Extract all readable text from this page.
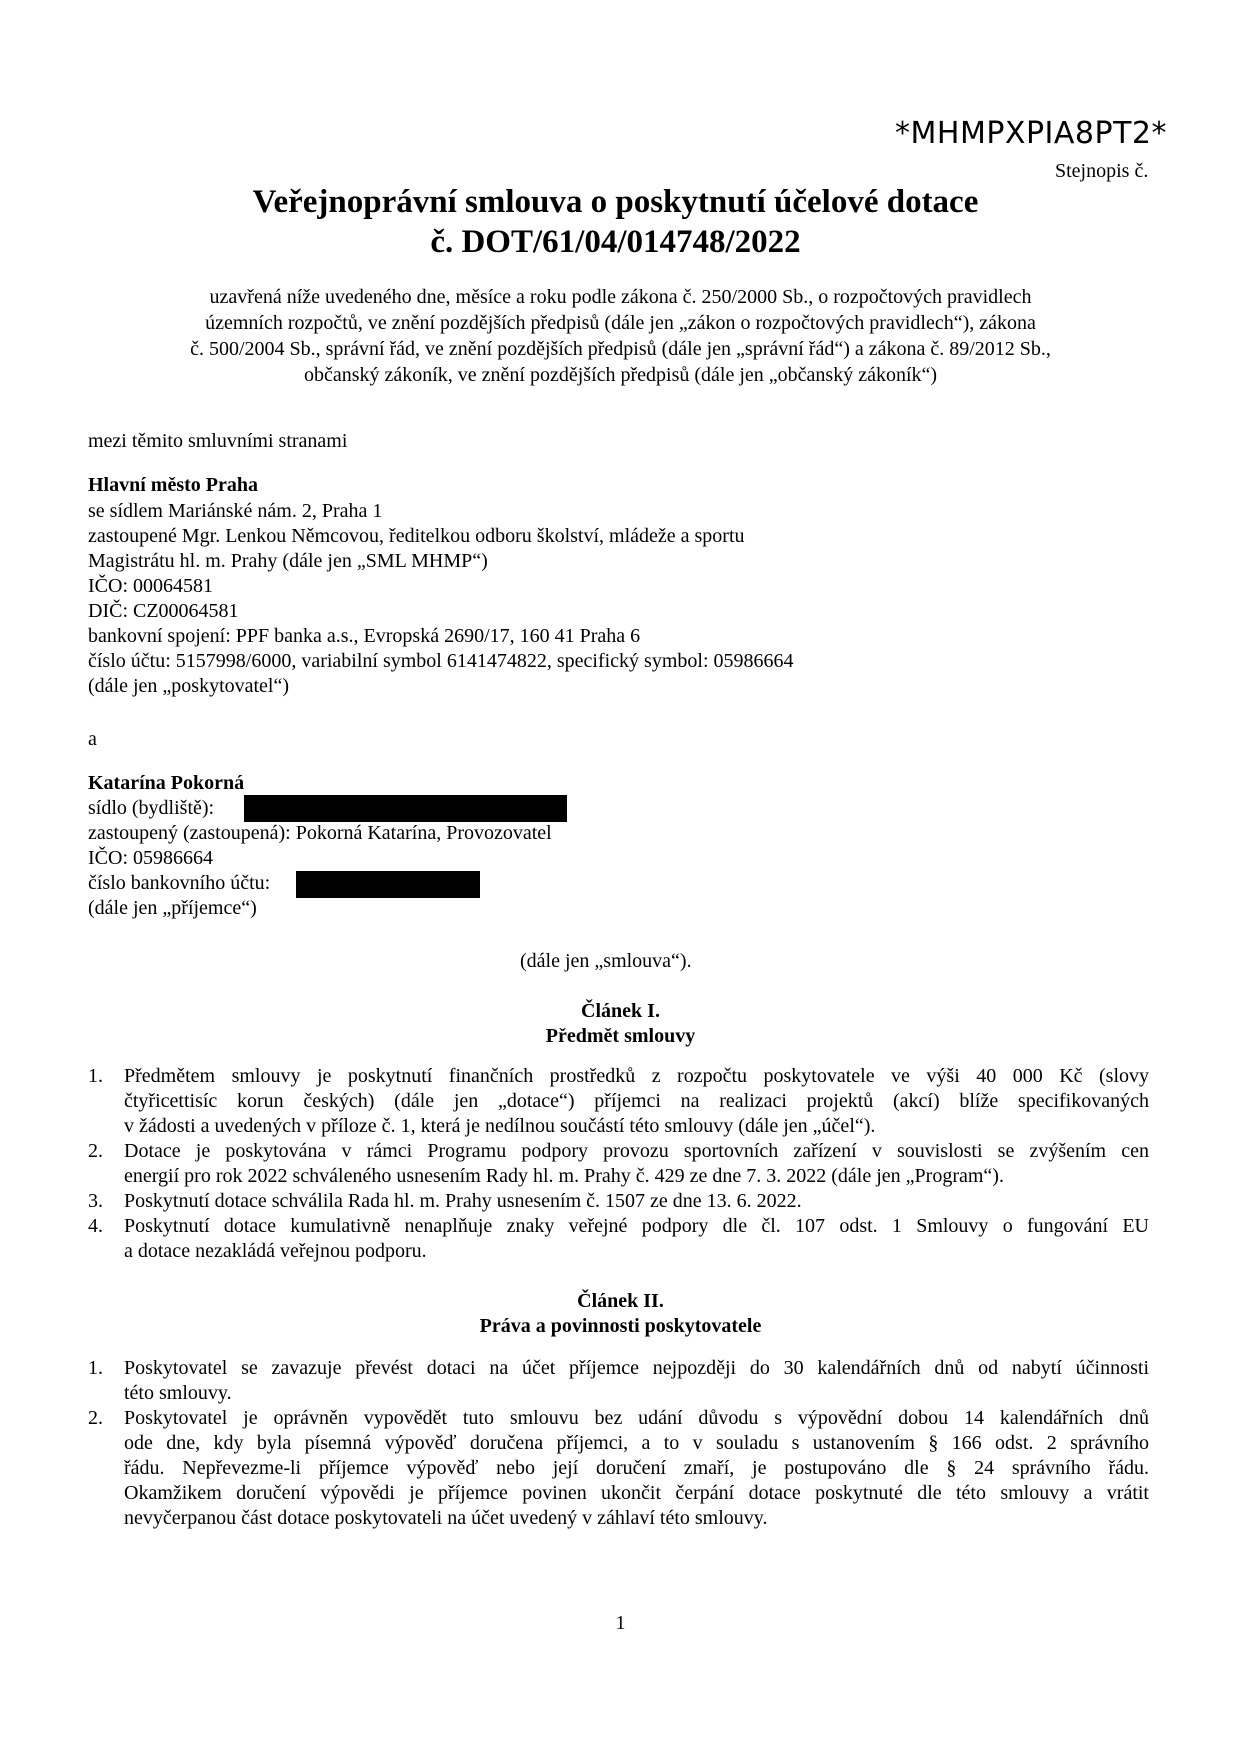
*MHMPXPIA8PT2*
Stejnopis č.
Veřejnoprávní smlouva o poskytnutí účelové dotace
č. DOT/61/04/014748/2022
uzavřená níže uvedeného dne, měsíce a roku podle zákona č. 250/2000 Sb., o rozpočtových pravidlech
územních rozpočtů, ve znění pozdějších předpisů (dále jen „zákon o rozpočtových pravidlech“), zákona
č. 500/2004 Sb., správní řád, ve znění pozdějších předpisů (dále jen „správní řád“) a zákona č. 89/2012 Sb.,
občanský zákoník, ve znění pozdějších předpisů (dále jen „občanský zákoník“)
mezi těmito smluvními stranami
Hlavní město Praha
se sídlem Mariánské nám. 2, Praha 1
zastoupené Mgr. Lenkou Němcovou, ředitelkou odboru školství, mládeže a sportu
Magistrátu hl. m. Prahy (dále jen „SML MHMP“)
IČO: 00064581
DIČ: CZ00064581
bankovní spojení: PPF banka a.s., Evropská 2690/17, 160 41 Praha 6
číslo účtu: 5157998/6000, variabilní symbol 6141474822, specifický symbol: 05986664
(dále jen „poskytovatel“)
a
Katarína Pokorná
sídlo (bydliště):
zastoupený (zastoupená): Pokorná Katarína, Provozovatel
IČO: 05986664
číslo bankovního účtu:
(dále jen „příjemce“)
(dále jen „smlouva“).
Článek I.
Předmět smlouvy
1. Předmětem smlouvy je poskytnutí finančních prostředků z rozpočtu poskytovatele ve výši 40 000 Kč (slovy
čtyřicettisíc korun českých) (dále jen „dotace“) příjemci na realizaci projektů (akcí) blíže specifikovaných
v žádosti a uvedených v příloze č. 1, která je nedílnou součástí této smlouvy (dále jen „účel“).
2. Dotace je poskytována v rámci Programu podpory provozu sportovních zařízení v souvislosti se zvýšením cen
energií pro rok 2022 schváleného usnesením Rady hl. m. Prahy č. 429 ze dne 7. 3. 2022 (dále jen „Program“).
3. Poskytnutí dotace schválila Rada hl. m. Prahy usnesením č. 1507 ze dne 13. 6. 2022.
4. Poskytnutí dotace kumulativně nenaplňuje znaky veřejné podpory dle čl. 107 odst. 1 Smlouvy o fungování EU
a dotace nezakládá veřejnou podporu.
Článek II.
Práva a povinnosti poskytovatele
1. Poskytovatel se zavazuje převést dotaci na účet příjemce nejpozději do 30 kalendářních dnů od nabytí účinnosti
této smlouvy.
2. Poskytovatel je oprávněn vypovědět tuto smlouvu bez udání důvodu s výpovědní dobou 14 kalendářních dnů
ode dne, kdy byla písemná výpověď doručena příjemci, a to v souladu s ustanovením § 166 odst. 2 správního
řádu. Nepřevezme-li příjemce výpověď nebo její doručení zmaří, je postupováno dle § 24 správního řádu.
Okamžikem doručení výpovědi je příjemce povinen ukončit čerpání dotace poskytnuté dle této smlouvy a vrátit
nevyčerpanou část dotace poskytovateli na účet uvedený v záhlaví této smlouvy.
1
